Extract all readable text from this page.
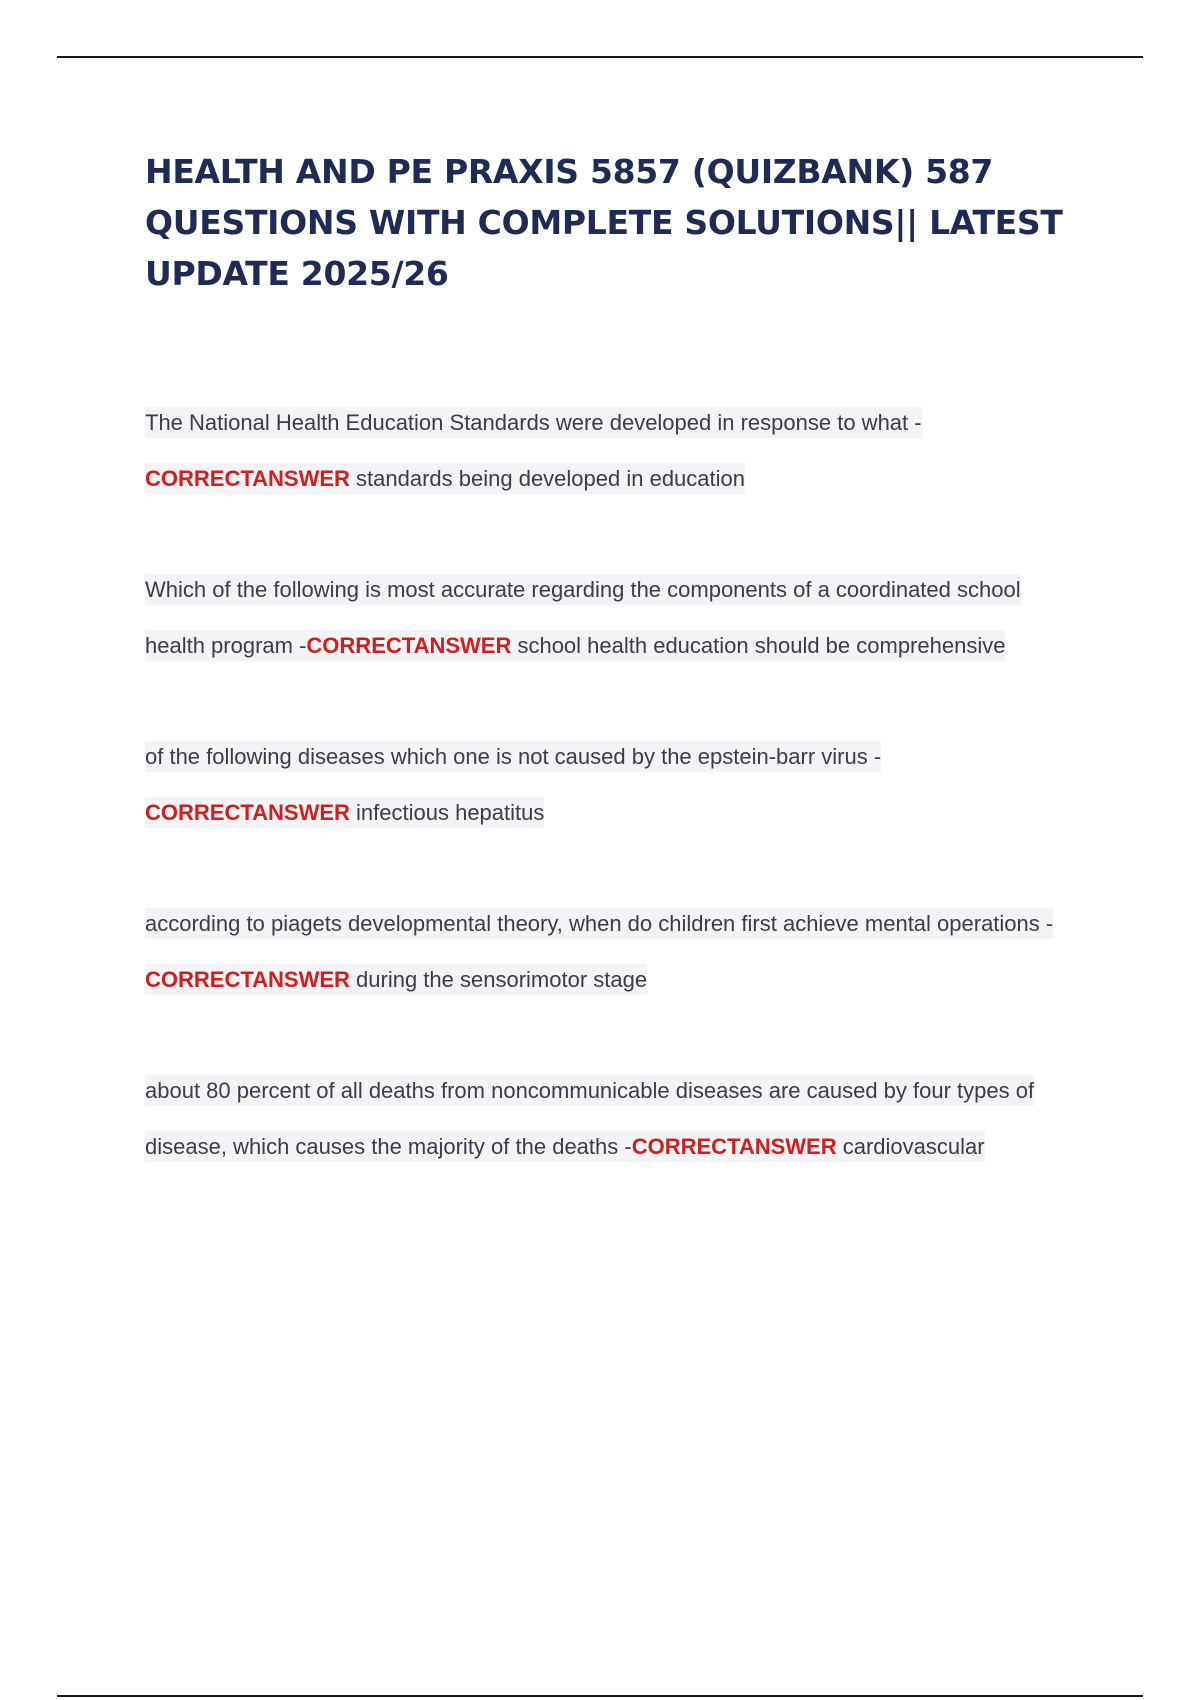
HEALTH AND PE PRAXIS 5857 (QUIZBANK) 587 QUESTIONS WITH COMPLETE SOLUTIONS|| LATEST UPDATE 2025/26

The National Health Education Standards were developed in response to what -CORRECTANSWER standards being developed in education

Which of the following is most accurate regarding the components of a coordinated school health program -CORRECTANSWER school health education should be comprehensive

of the following diseases which one is not caused by the epstein-barr virus -CORRECTANSWER infectious hepatitus

according to piagets developmental theory, when do children first achieve mental operations -CORRECTANSWER during the sensorimotor stage

about 80 percent of all deaths from noncommunicable diseases are caused by four types of disease, which causes the majority of the deaths -CORRECTANSWER cardiovascular
